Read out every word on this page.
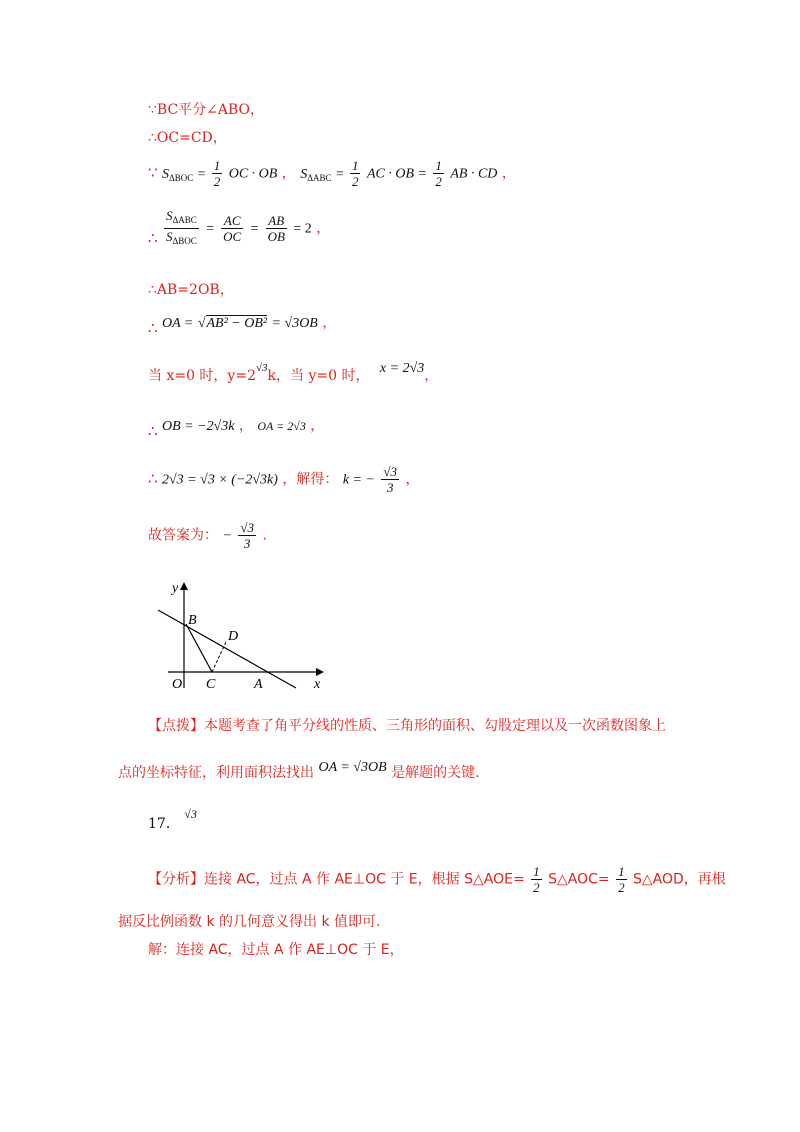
∵BC平分∠ABO，
∴OC=CD，
∵ $S_{\Delta BOC} = \frac{1}{2}$ OC · OB ， $S_{\Delta ABC} = \frac{1}{2}$ AC · OB = $\frac{1}{2}$ AB · CD ，
∴ $\frac{S_{\Delta ABC}}{S_{\Delta BOC}} = \frac{AC}{OC} = \frac{AB}{OB} = 2$ ，
∴AB=2OB，
∴ OA = √AB² − OB² = √3OB ，
当 x=0 时，$y=2^{√3}k$，当 y=0 时， x = 2√3，
∴ OB = −2√3k ， OA = 2√3 ，
∴ 2√3 = √3 × (−2√3k) ，解得： k = − $\frac{√3}{3}$ ，
故答案为： − $\frac{√3}{3}$ .
y
B
D
O C	A	x
【点拨】本题考查了角平分线的性质、三角形的面积、勾股定理以及一次函数图象上
点的坐标特征，利用面积法找出 OA = √3OB 是解题的关键.
17． √3
【分析】连接 AC，过点 A 作 AE⊥OC 于 E，根据 S△AOE= $\frac{1}{2}$ S△AOC= $\frac{1}{2}$ S△AOD，再根
据反比例函数 k 的几何意义得出 k 值即可.
解：连接 AC，过点 A 作 AE⊥OC 于 E，
